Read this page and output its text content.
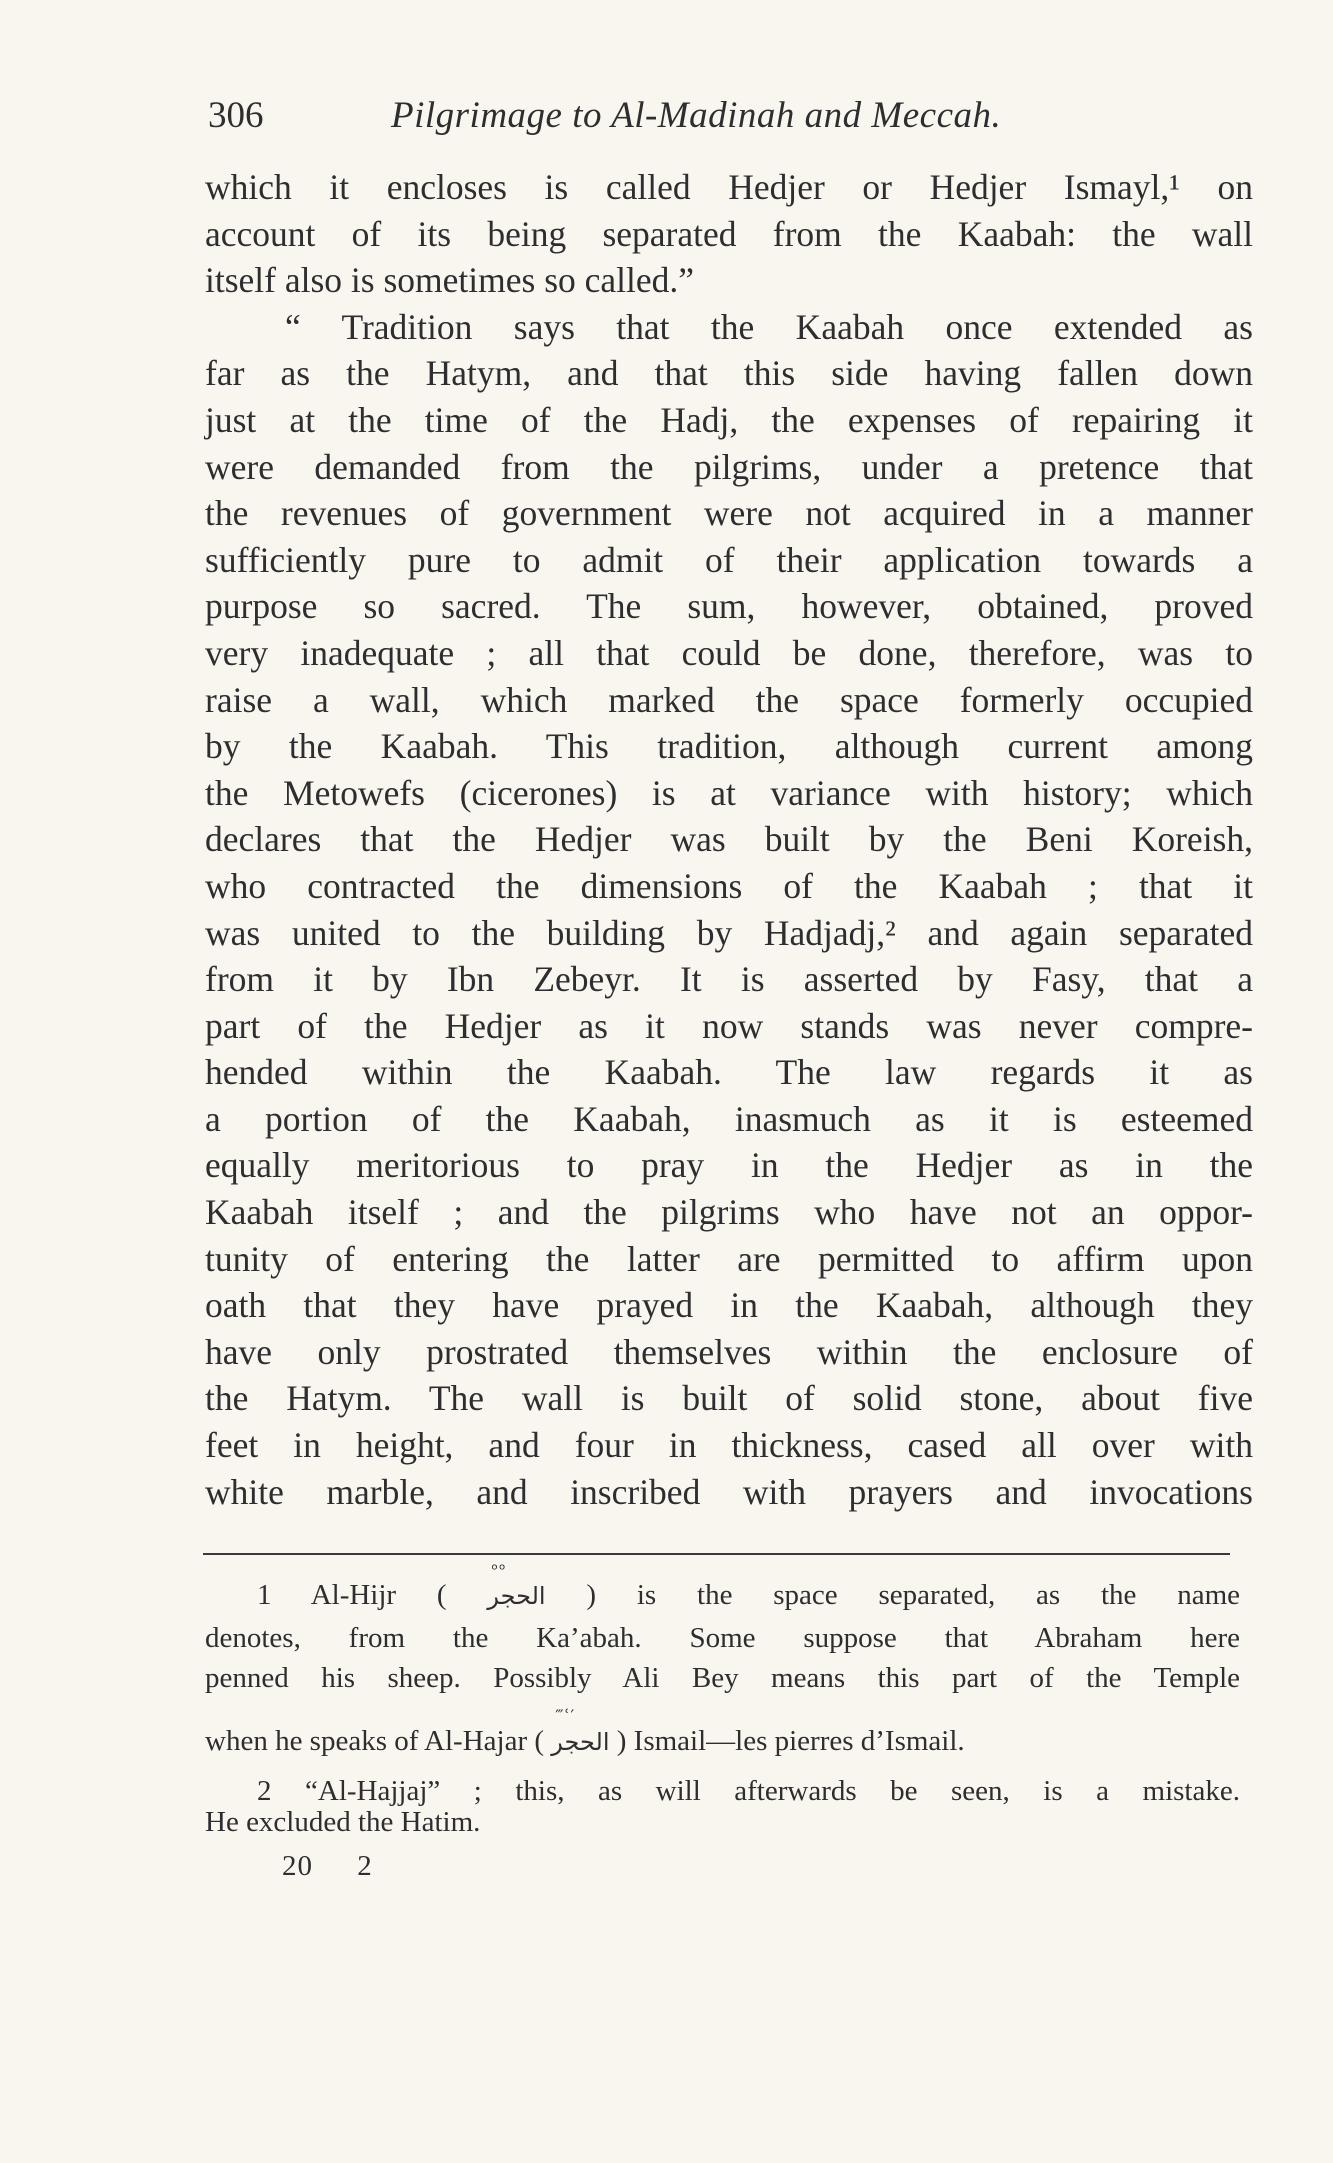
306	Pilgrimage to Al-Madinah and Meccah.
which it encloses is called Hedjer or Hedjer Ismayl,¹ on
account of its being separated from the Kaabah: the wall
itself also is sometimes so called.”
“ Tradition says that the Kaabah once extended as
far as the Hatym, and that this side having fallen down
just at the time of the Hadj, the expenses of repairing it
were demanded from the pilgrims, under a pretence that
the revenues of government were not acquired in a manner
sufficiently pure to admit of their application towards a
purpose so sacred. The sum, however, obtained, proved
very inadequate ; all that could be done, therefore, was to
raise a wall, which marked the space formerly occupied
by the Kaabah. This tradition, although current among
the Metowefs (cicerones) is at variance with history; which
declares that the Hedjer was built by the Beni Koreish,
who contracted the dimensions of the Kaabah ; that it
was united to the building by Hadjadj,² and again separated
from it by Ibn Zebeyr. It is asserted by Fasy, that a
part of the Hedjer as it now stands was never compre-
hended within the Kaabah. The law regards it as
a portion of the Kaabah, inasmuch as it is esteemed
equally meritorious to pray in the Hedjer as in the
Kaabah itself ; and the pilgrims who have not an oppor-
tunity of entering the latter are permitted to affirm upon
oath that they have prayed in the Kaabah, although they
have only prostrated themselves within the enclosure of
the Hatym. The wall is built of solid stone, about five
feet in height, and four in thickness, cased all over with
white marble, and inscribed with prayers and invocations
1 Al-Hijr (
ᵒᵒ
الحجر ) is the space separated, as the name
denotes, from the Ka’abah. Some suppose that Abraham here
penned his sheep. Possibly Ali Bey means this part of the Temple
when he speaks of Al-Hajar (
‴ʿ′
الحجر ) Ismail—les pierres d’Ismail.
2 “Al-Hajjaj” ; this, as will afterwards be seen, is a mistake.
He excluded the Hatim.
20 2
